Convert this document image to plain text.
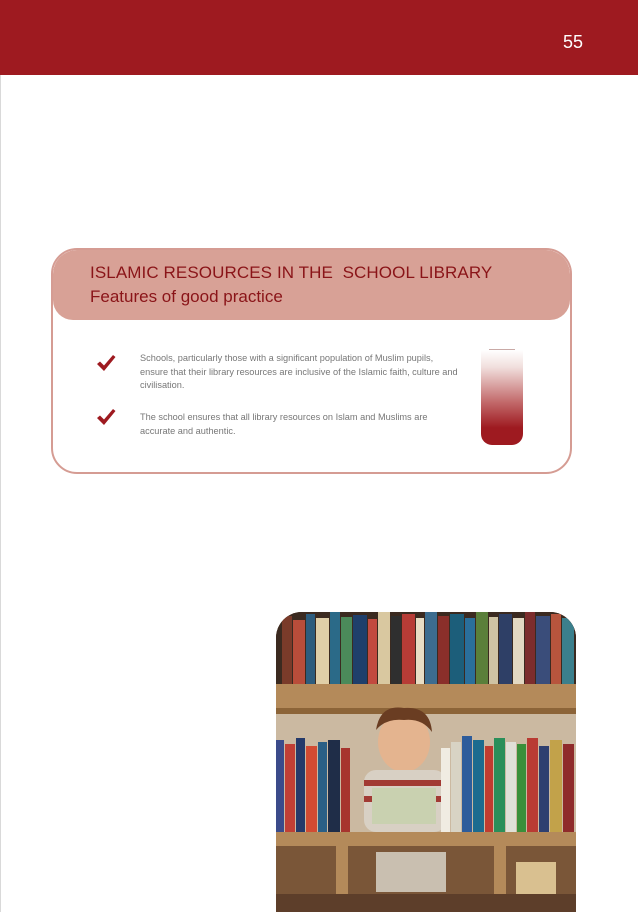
55
ISLAMIC RESOURCES IN THE  SCHOOL LIBRARY
Features of good practice

Schools, particularly those with a significant population of Muslim pupils, ensure that their library resources are inclusive of the Islamic faith, culture and civilisation.

The school ensures that all library resources on Islam and Muslims are accurate and authentic.
